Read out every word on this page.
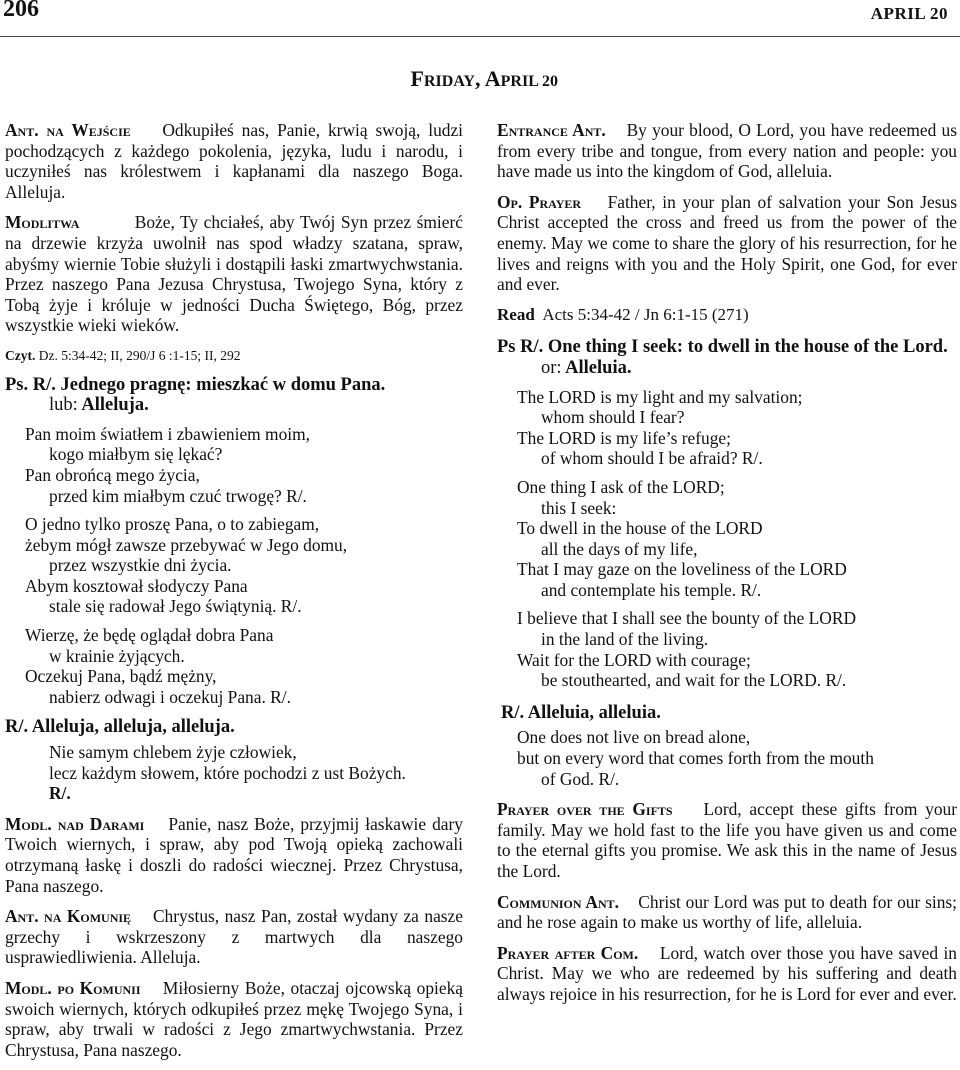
206	APRIL 20
FRIDAY, APRIL 20

Ant. na Wejście Odkupiłeś nas, Panie, krwią swoją, ludzi pochodzących z każdego pokolenia, języka, ludu i narodu, i uczyniłeś nas królestwem i kapłanami dla naszego Boga. Alleluja.

Modlitwa	Boże, Ty chciałeś, aby Twój Syn przez śmierć na drzewie krzyża uwolnił nas spod władzy szatana, spraw, abyśmy wiernie Tobie służyli i dostąpili łaski zmartwychwstania. Przez naszego Pana Jezusa Chrystusa, Twojego Syna, który z Tobą żyje i króluje w jedności Ducha Świętego, Bóg, przez wszystkie wieki wieków.

Czyt. Dz. 5:34-42; II, 290/J 6 :1-15; II, 292

Ps. R/. Jednego pragnę: mieszkać w domu Pana.
lub: Alleluja.
Pan moim światłem i zbawieniem moim,
kogo miałbym się lękać?
Pan obrońcą mego życia,
przed kim miałbym czuć trwogę? R/.
O jedno tylko proszę Pana, o to zabiegam,
żebym mógł zawsze przebywać w Jego domu,
przez wszystkie dni życia.
Abym kosztował słodyczy Pana
stale się radował Jego świątynią. R/.
Wierzę, że będę oglądał dobra Pana
w krainie żyjących.
Oczekuj Pana, bądź mężny,
nabierz odwagi i oczekuj Pana. R/.
R/. Alleluja, alleluja, alleluja.
Nie samym chlebem żyje człowiek,
lecz każdym słowem, które pochodzi z ust Bożych.
R/.

Modl. nad Darami Panie, nasz Boże, przyjmij łaskawie dary Twoich wiernych, i spraw, aby pod Twoją opieką zachowali otrzymaną łaskę i doszli do radości wiecznej. Przez Chrystusa, Pana naszego.

Ant. na Komunię Chrystus, nasz Pan, został wydany za nasze grzechy i wskrzeszony z martwych dla naszego usprawiedliwienia. Alleluja.

Modl. po Komunii Miłosierny Boże, otaczaj ojcowską opieką swoich wiernych, których odkupiłeś przez mękę Twojego Syna, i spraw, aby trwali w radości z Jego zmartwychwstania. Przez Chrystusa, Pana naszego.

Entrance Ant. By your blood, O Lord, you have redeemed us from every tribe and tongue, from every nation and people: you have made us into the kingdom of God, alleluia.

Op. Prayer Father, in your plan of salvation your Son Jesus Christ accepted the cross and freed us from the power of the enemy. May we come to share the glory of his resurrection, for he lives and reigns with you and the Holy Spirit, one God, for ever and ever.

Read Acts 5:34-42 / Jn 6:1-15 (271)

Ps R/. One thing I seek: to dwell in the house of the Lord. or: Alleluia.
The LORD is my light and my salvation;
whom should I fear?
The LORD is my life’s refuge;
of whom should I be afraid? R/.
One thing I ask of the LORD;
this I seek:
To dwell in the house of the LORD
all the days of my life,
That I may gaze on the loveliness of the LORD
and contemplate his temple. R/.
I believe that I shall see the bounty of the LORD
in the land of the living.
Wait for the LORD with courage;
be stouthearted, and wait for the LORD. R/.
R/. Alleluia, alleluia.
One does not live on bread alone,
but on every word that comes forth from the mouth
of God. R/.

Prayer over the Gifts Lord, accept these gifts from your family. May we hold fast to the life you have given us and come to the eternal gifts you promise. We ask this in the name of Jesus the Lord.

Communion Ant. Christ our Lord was put to death for our sins; and he rose again to make us worthy of life, alleluia.

Prayer after Com. Lord, watch over those you have saved in Christ. May we who are redeemed by his suffering and death always rejoice in his resurrection, for he is Lord for ever and ever.
